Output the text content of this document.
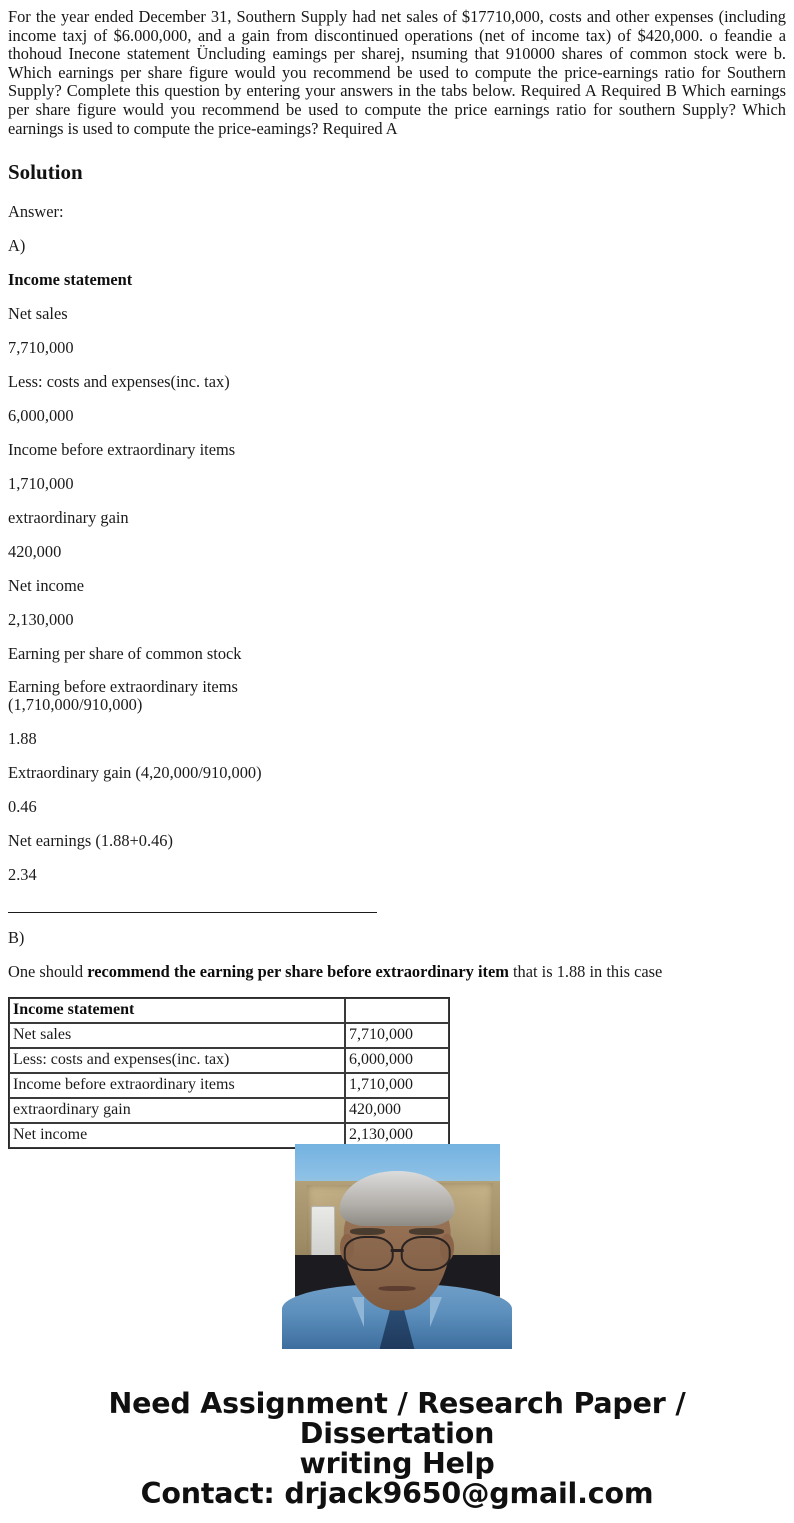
For the year ended December 31, Southern Supply had net sales of $17710,000, costs and other expenses (including income taxj of $6.000,000, and a gain from discontinued operations (net of income tax) of $420,000. o feandie a thohoud Inecone statement Üncluding eamings per sharej, nsuming that 910000 shares of common stock were b. Which earnings per share figure would you recommend be used to compute the price-earnings ratio for Southern Supply? Complete this question by entering your answers in the tabs below. Required A Required B Which earnings per share figure would you recommend be used to compute the price earnings ratio for southern Supply? Which earnings is used to compute the price-eamings? Required A

Solution

Answer:

A)

Income statement

Net sales

7,710,000

Less: costs and expenses(inc. tax)

6,000,000

Income before extraordinary items

1,710,000

extraordinary gain

420,000

Net income

2,130,000

Earning per share of common stock

Earning before extraordinary items
(1,710,000/910,000)

1.88

Extraordinary gain (4,20,000/910,000)

0.46

Net earnings (1.88+0.46)

2.34

B)

One should recommend the earning per share before extraordinary item that is 1.88 in this case

Income statement	
Net sales	7,710,000
Less: costs and expenses(inc. tax)	6,000,000
Income before extraordinary items	1,710,000
extraordinary gain	420,000
Net income	2,130,000
Need Assignment / Research Paper / Dissertation
writing Help
Contact: drjack9650@gmail.com
